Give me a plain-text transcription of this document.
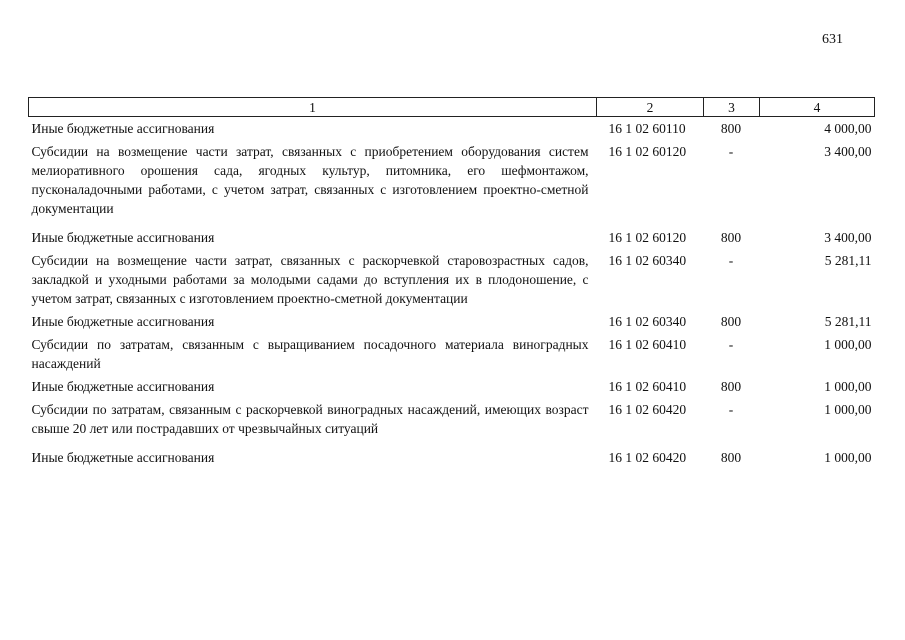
631
1	2	3	4
Иные бюджетные ассигнования	16 1 02 60110	800	4 000,00
Субсидии на возмещение части затрат, связанных с приобретением оборудования систем мелиоративного орошения сада, ягодных культур, питомника, его шефмонтажом, пусконаладочными работами, с учетом затрат, связанных с изготовлением проектно-сметной документации	16 1 02 60120	-	3 400,00
Иные бюджетные ассигнования	16 1 02 60120	800	3 400,00
Субсидии на возмещение части затрат, связанных с раскорчевкой старовозрастных садов, закладкой и уходными работами за молодыми садами до вступления их в плодоношение, с учетом затрат, связанных с изготовлением проектно-сметной документации	16 1 02 60340	-	5 281,11
Иные бюджетные ассигнования	16 1 02 60340	800	5 281,11
Субсидии по затратам, связанным с выращиванием посадочного материала виноградных насаждений	16 1 02 60410	-	1 000,00
Иные бюджетные ассигнования	16 1 02 60410	800	1 000,00
Субсидии по затратам, связанным с раскорчевкой виноградных насаждений, имеющих возраст свыше 20 лет или пострадавших от чрезвычайных ситуаций	16 1 02 60420	-	1 000,00
Иные бюджетные ассигнования	16 1 02 60420	800	1 000,00
